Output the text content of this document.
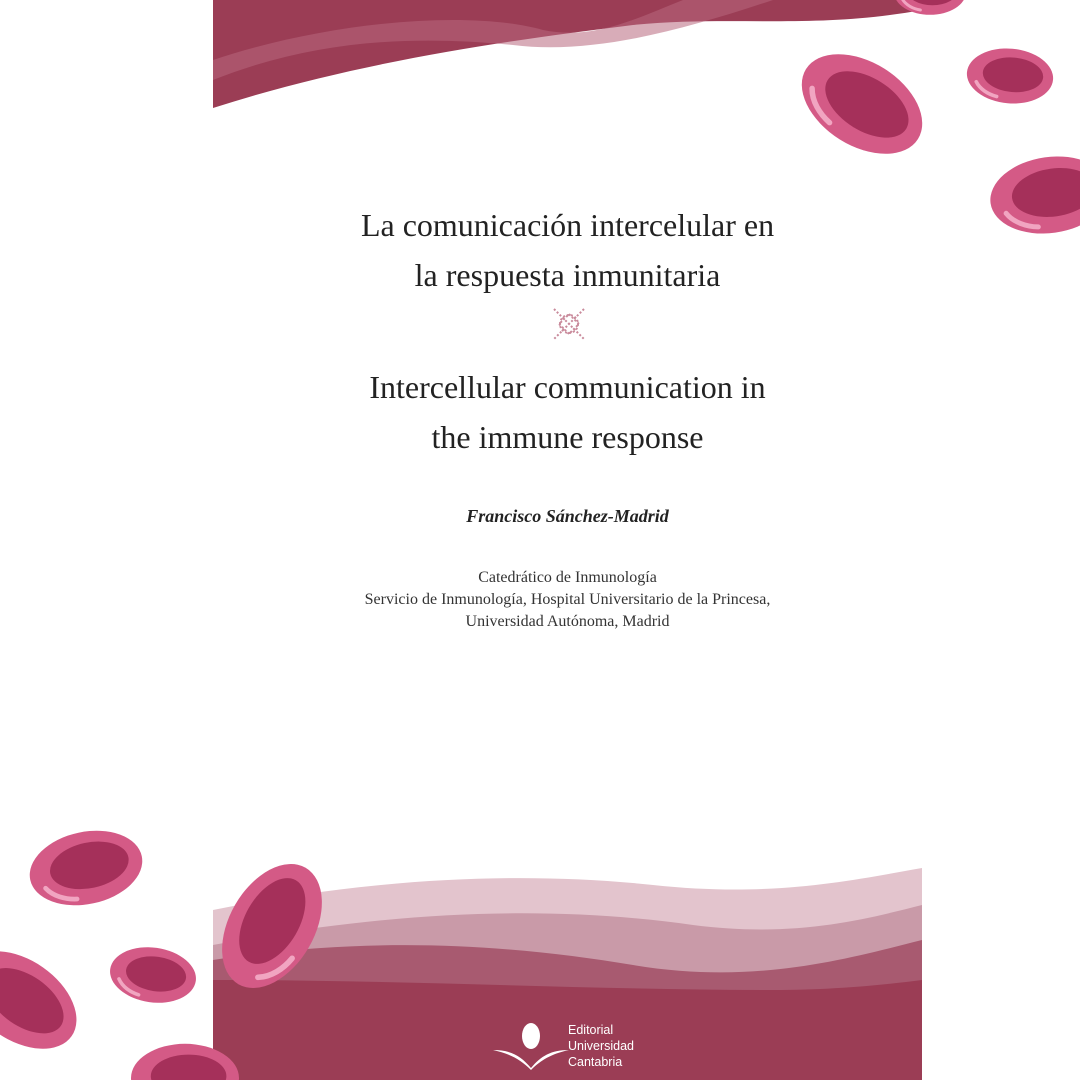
La comunicación intercelular en
la respuesta inmunitaria
Intercellular communication in
the immune response
Francisco Sánchez-Madrid
Catedrático de Inmunología
Servicio de Inmunología, Hospital Universitario de la Princesa,
Universidad Autónoma, Madrid
Editorial
Universidad
Cantabria
